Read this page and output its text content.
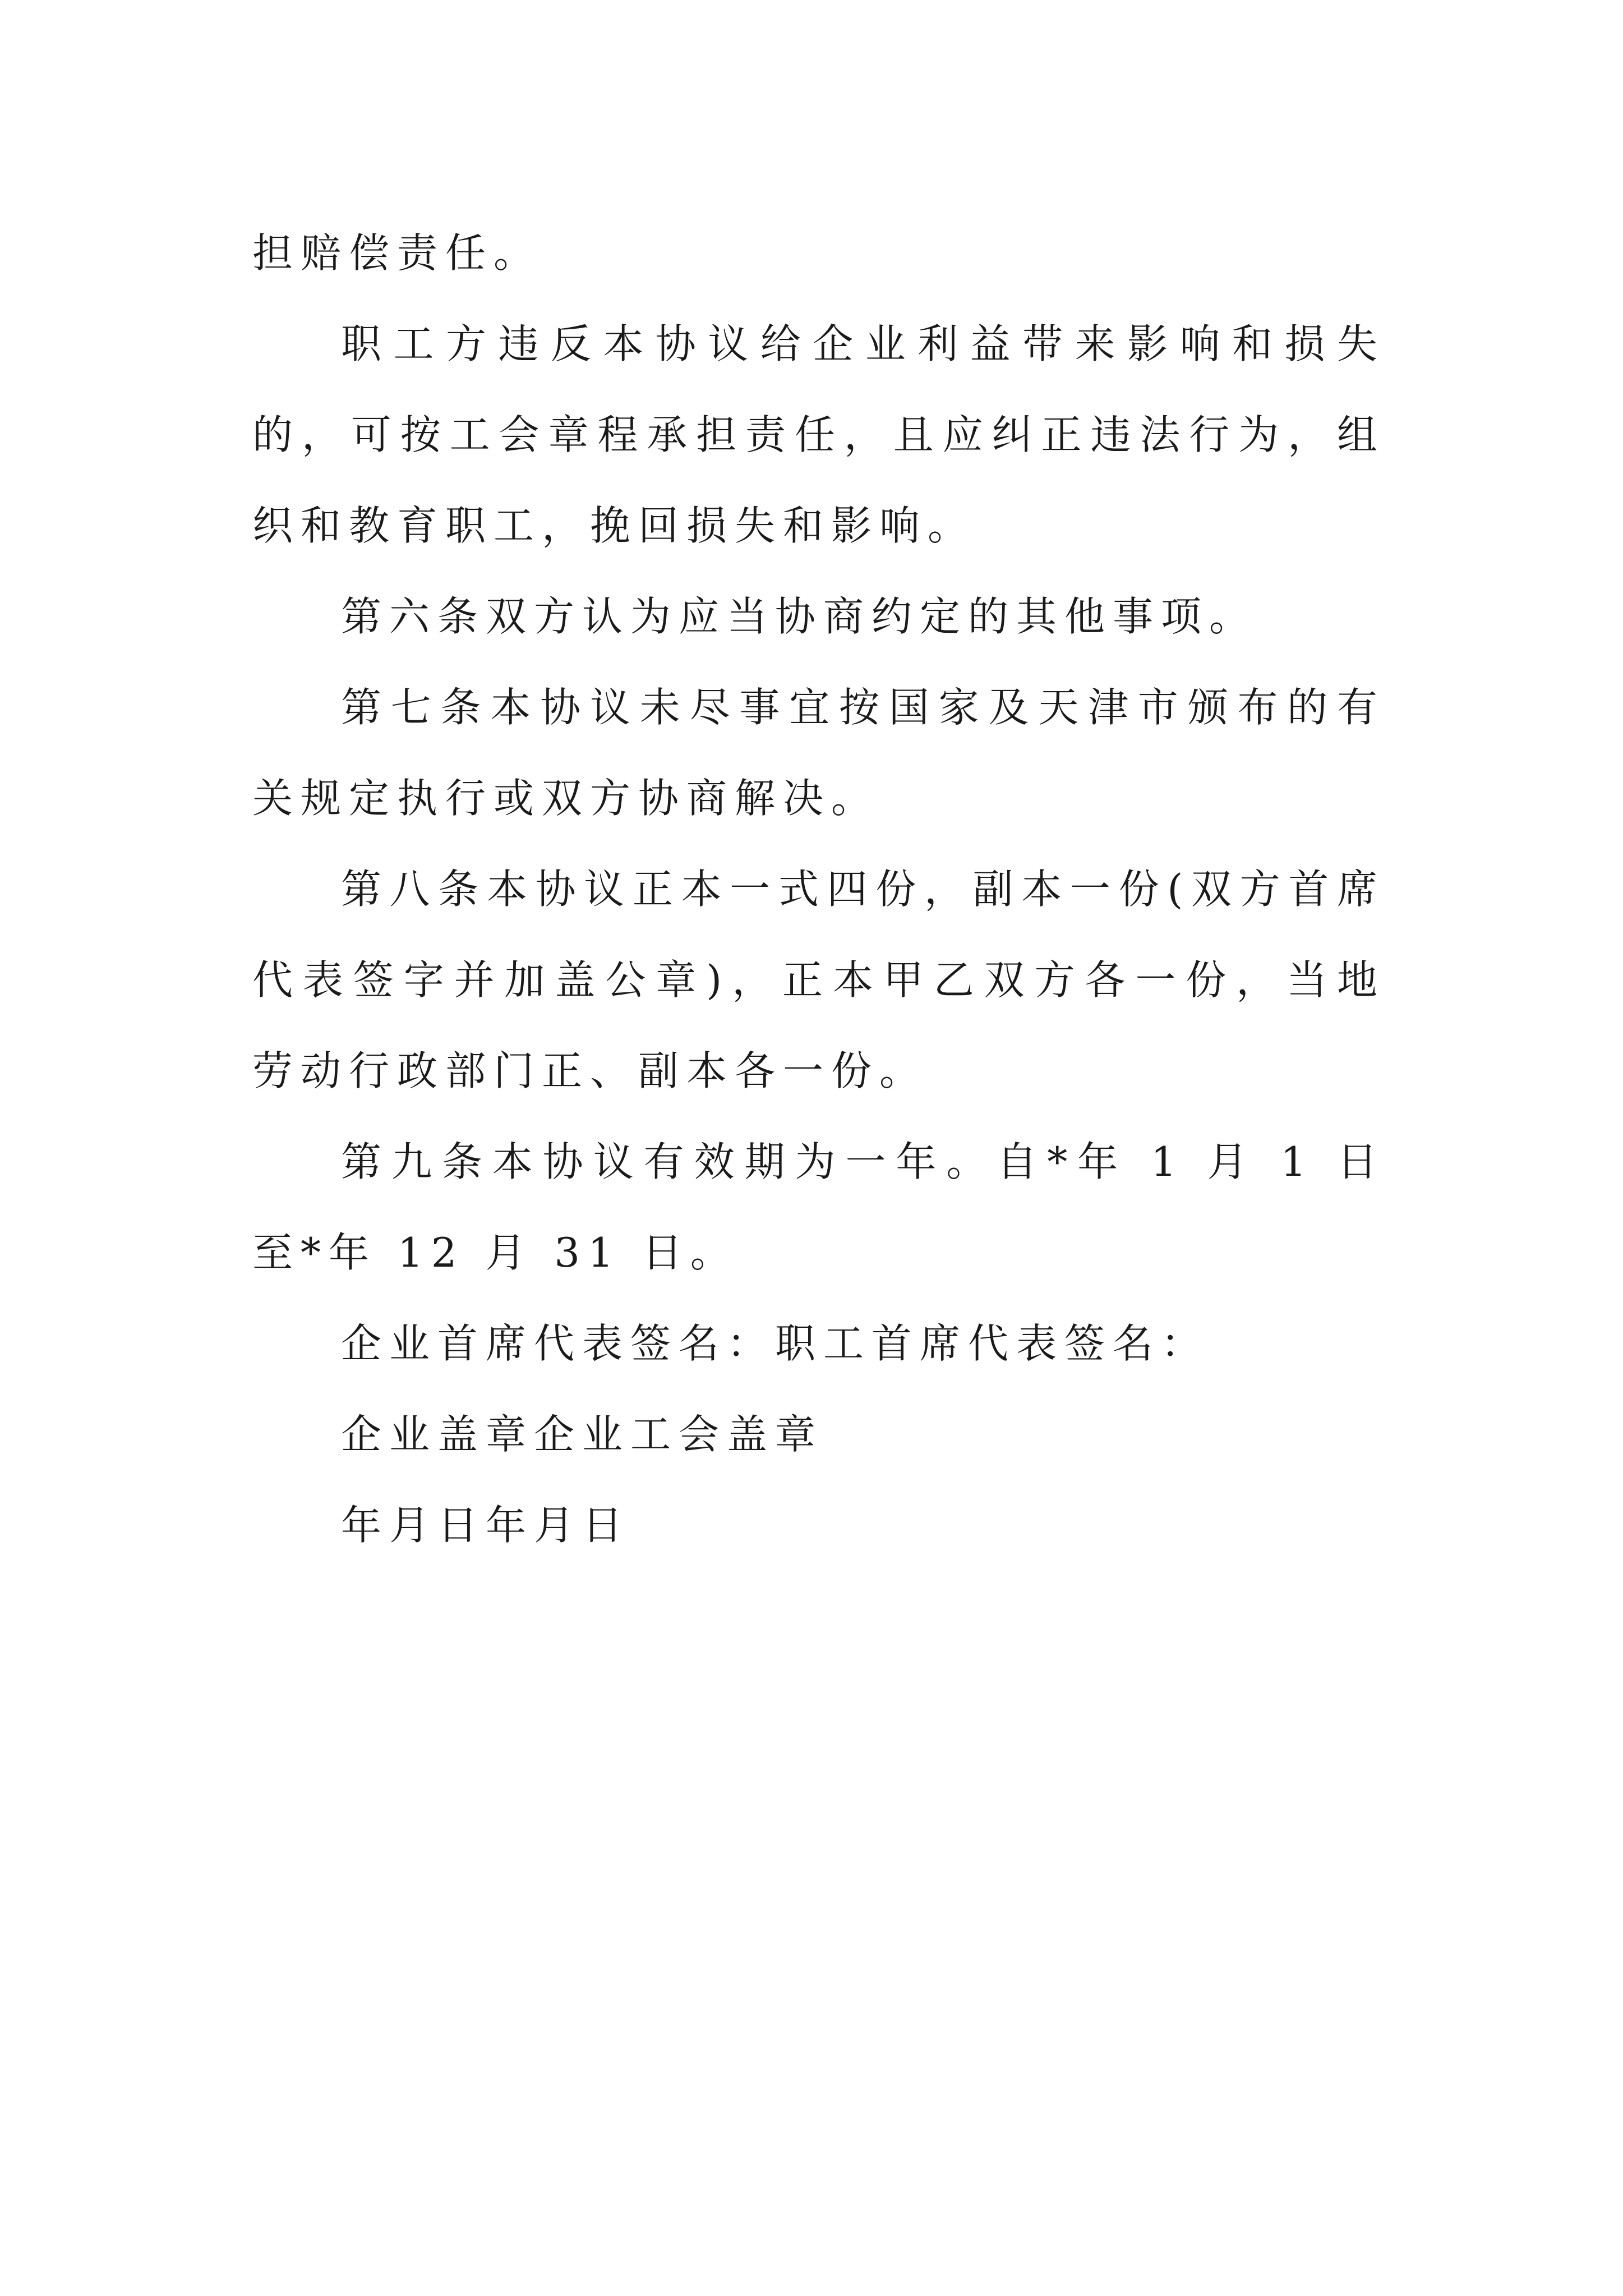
担赔偿责任。

职工方违反本协议给企业利益带来影响和损失的，可按工会章程承担责任，且应纠正违法行为，组织和教育职工，挽回损失和影响。

第六条双方认为应当协商约定的其他事项。

第七条本协议未尽事宜按国家及天津市颁布的有关规定执行或双方协商解决。

第八条本协议正本一式四份，副本一份(双方首席代表签字并加盖公章)，正本甲乙双方各一份，当地劳动行政部门正、副本各一份。

第九条本协议有效期为一年。自*年 1 月 1 日至*年 12 月 31 日。

企业首席代表签名：职工首席代表签名：

企业盖章企业工会盖章

年月日年月日
